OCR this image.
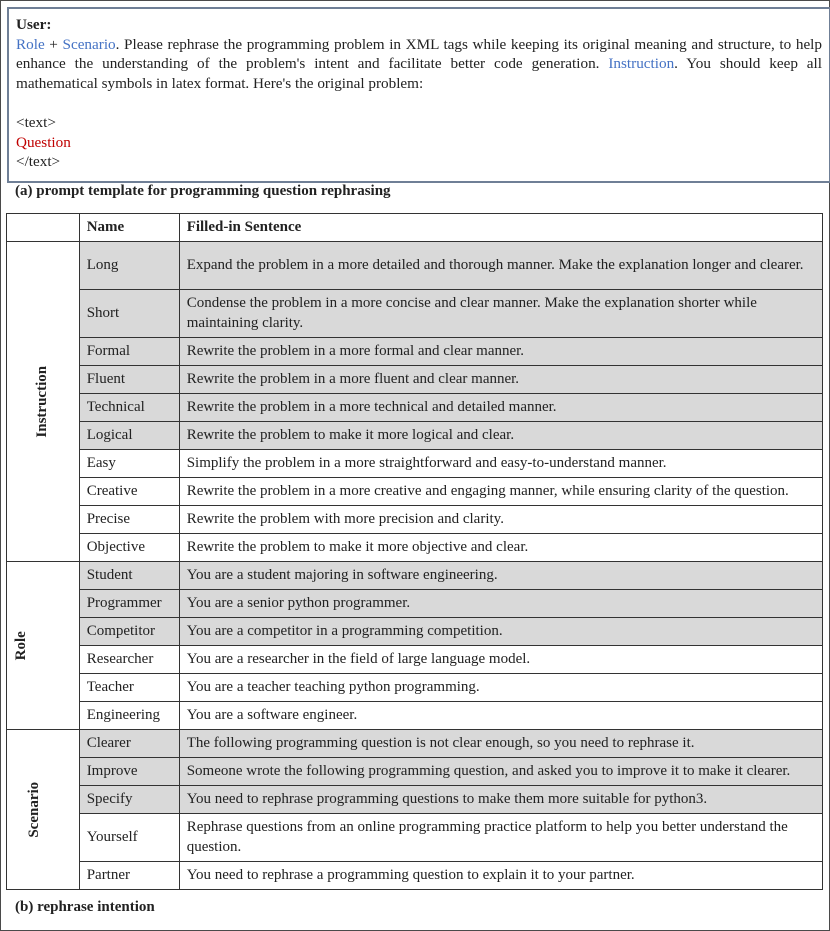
User:
Role + Scenario. Please rephrase the programming problem in XML tags while keeping its original meaning and structure, to help enhance the understanding of the problem's intent and facilitate better code generation. Instruction. You should keep all mathematical symbols in latex format. Here's the original problem:
<text>
Question
</text>
(a) prompt template for programming question rephrasing
	Name	Filled-in Sentence
Instruction	Long	Expand the problem in a more detailed and thorough manner. Make the explanation longer and clearer.
	Short	Condense the problem in a more concise and clear manner. Make the explanation shorter while maintaining clarity.
	Formal	Rewrite the problem in a more formal and clear manner.
	Fluent	Rewrite the problem in a more fluent and clear manner.
	Technical	Rewrite the problem in a more technical and detailed manner.
	Logical	Rewrite the problem to make it more logical and clear.
	Easy	Simplify the problem in a more straightforward and easy-to-understand manner.
	Creative	Rewrite the problem in a more creative and engaging manner, while ensuring clarity of the question.
	Precise	Rewrite the problem with more precision and clarity.
	Objective	Rewrite the problem to make it more objective and clear.
Role	Student	You are a student majoring in software engineering.
	Programmer	You are a senior python programmer.
	Competitor	You are a competitor in a programming competition.
	Researcher	You are a researcher in the field of large language model.
	Teacher	You are a teacher teaching python programming.
	Engineering	You are a software engineer.
Scenario	Clearer	The following programming question is not clear enough, so you need to rephrase it.
	Improve	Someone wrote the following programming question, and asked you to improve it to make it clearer.
	Specify	You need to rephrase programming questions to make them more suitable for python3.
	Yourself	Rephrase questions from an online programming practice platform to help you better understand the question.
	Partner	You need to rephrase a programming question to explain it to your partner.
(b) rephrase intention
